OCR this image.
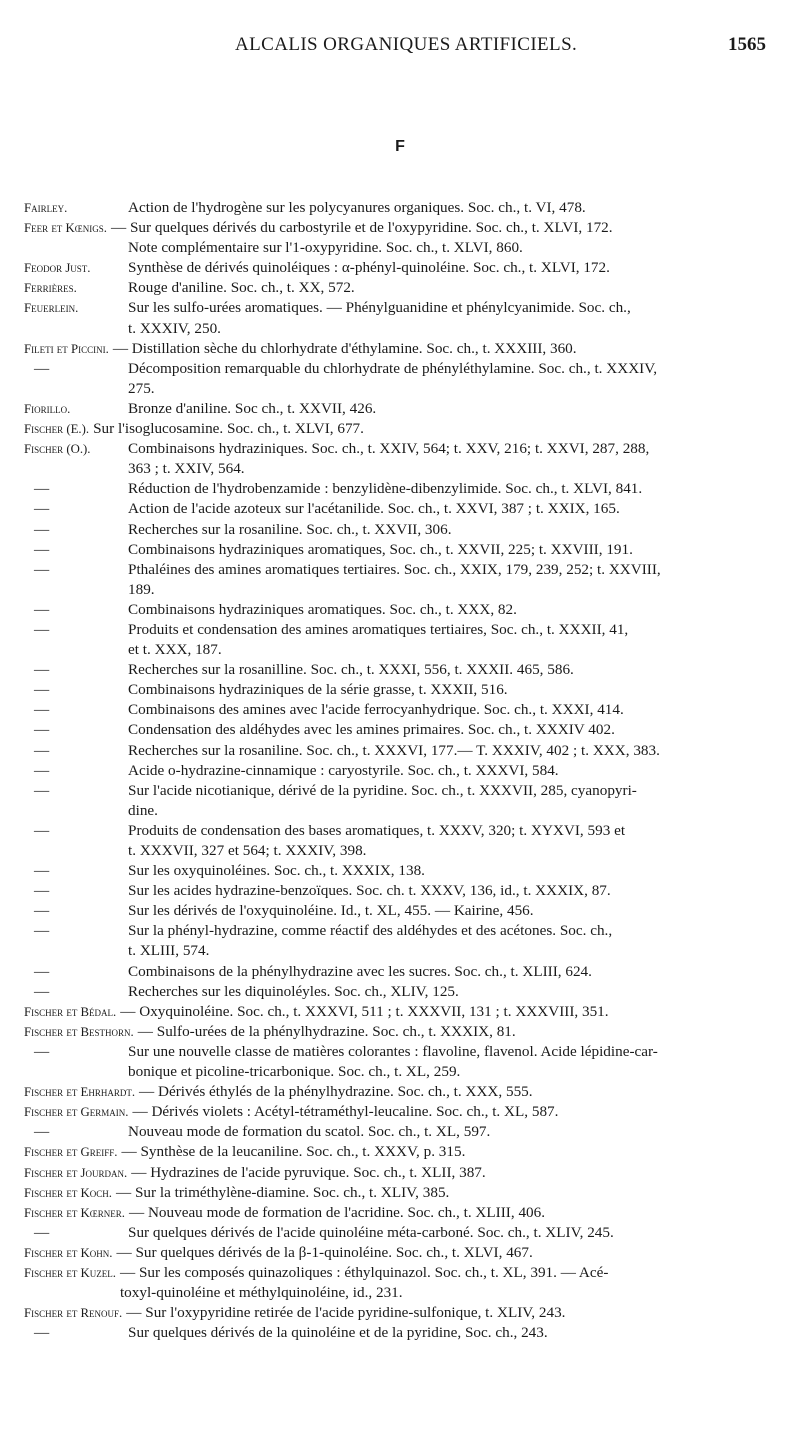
ALCALIS ORGANIQUES ARTIFICIELS.	1565
F
Fairley.	Action de l'hydrogène sur les polycyanures organiques. Soc. ch., t. VI, 478.
Feer et Kœnigs. — Sur quelques dérivés du carbostyrile et de l'oxypyridine. Soc. ch., t. XLVI, 172.
Note complémentaire sur l'1-oxypyridine. Soc. ch., t. XLVI, 860.
Feodor Just.	Synthèse de dérivés quinoléiques : α-phényl-quinoléine. Soc. ch., t. XLVI, 172.
Ferrières.	Rouge d'aniline. Soc. ch., t. XX, 572.
Feuerlein.	Sur les sulfo-urées aromatiques. — Phénylguanidine et phénylcyanimide. Soc. ch.,
t. XXXIV, 250.
Fileti et Piccini. — Distillation sèche du chlorhydrate d'éthylamine. Soc. ch., t. XXXIII, 360.
—	Décomposition remarquable du chlorhydrate de phényléthylamine. Soc. ch., t. XXXIV,
275.
Fiorillo.	Bronze d'aniline. Soc ch., t. XXVII, 426.
Fischer (E.). Sur l'isoglucosamine. Soc. ch., t. XLVI, 677.
Fischer (O.).	Combinaisons hydraziniques. Soc. ch., t. XXIV, 564; t. XXV, 216; t. XXVI, 287, 288,
363 ; t. XXIV, 564.
—	Réduction de l'hydrobenzamide : benzylidène-dibenzylimide. Soc. ch., t. XLVI, 841.
—	Action de l'acide azoteux sur l'acétanilide. Soc. ch., t. XXVI, 387 ; t. XXIX, 165.
—	Recherches sur la rosaniline. Soc. ch., t. XXVII, 306.
—	Combinaisons hydraziniques aromatiques, Soc. ch., t. XXVII, 225; t. XXVIII, 191.
—	Pthaléines des amines aromatiques tertiaires. Soc. ch., XXIX, 179, 239, 252; t. XXVIII,
189.
—	Combinaisons hydraziniques aromatiques. Soc. ch., t. XXX, 82.
—	Produits et condensation des amines aromatiques tertiaires, Soc. ch., t. XXXII, 41,
et t. XXX, 187.
—	Recherches sur la rosanilline. Soc. ch., t. XXXI, 556, t. XXXII. 465, 586.
—	Combinaisons hydraziniques de la série grasse, t. XXXII, 516.
—	Combinaisons des amines avec l'acide ferrocyanhydrique. Soc. ch., t. XXXI, 414.
—	Condensation des aldéhydes avec les amines primaires. Soc. ch., t. XXXIV 402.
—	Recherches sur la rosaniline. Soc. ch., t. XXXVI, 177.— T. XXXIV, 402 ; t. XXX, 383.
—	Acide o-hydrazine-cinnamique : caryostyrile. Soc. ch., t. XXXVI, 584.
—	Sur l'acide nicotianique, dérivé de la pyridine. Soc. ch., t. XXXVII, 285, cyanopyri-
dine.
—	Produits de condensation des bases aromatiques, t. XXXV, 320; t. XYXVI, 593 et
t. XXXVII, 327 et 564; t. XXXIV, 398.
—	Sur les oxyquinoléines. Soc. ch., t. XXXIX, 138.
—	Sur les acides hydrazine-benzoïques. Soc. ch. t. XXXV, 136, id., t. XXXIX, 87.
—	Sur les dérivés de l'oxyquinoléine. Id., t. XL, 455. — Kairine, 456.
—	Sur la phényl-hydrazine, comme réactif des aldéhydes et des acétones. Soc. ch.,
t. XLIII, 574.
—	Combinaisons de la phénylhydrazine avec les sucres. Soc. ch., t. XLIII, 624.
—	Recherches sur les diquinoléyles. Soc. ch., XLIV, 125.
Fischer et Bédal. — Oxyquinoléine. Soc. ch., t. XXXVI, 511 ; t. XXXVII, 131 ; t. XXXVIII, 351.
Fischer et Besthorn. — Sulfo-urées de la phénylhydrazine. Soc. ch., t. XXXIX, 81.
—	Sur une nouvelle classe de matières colorantes : flavoline, flavenol. Acide lépidine-car-
bonique et picoline-tricarbonique. Soc. ch., t. XL, 259.
Fischer et Ehrhardt. — Dérivés éthylés de la phénylhydrazine. Soc. ch., t. XXX, 555.
Fischer et Germain. — Dérivés violets : Acétyl-tétraméthyl-leucaline. Soc. ch., t. XL, 587.
—	Nouveau mode de formation du scatol. Soc. ch., t. XL, 597.
Fischer et Greiff. — Synthèse de la leucaniline. Soc. ch., t. XXXV, p. 315.
Fischer et Jourdan. — Hydrazines de l'acide pyruvique. Soc. ch., t. XLII, 387.
Fischer et Koch. — Sur la triméthylène-diamine. Soc. ch., t. XLIV, 385.
Fischer et Kœrner. — Nouveau mode de formation de l'acridine. Soc. ch., t. XLIII, 406.
—	Sur quelques dérivés de l'acide quinoléine méta-carboné. Soc. ch., t. XLIV, 245.
Fischer et Kohn. — Sur quelques dérivés de la β-1-quinoléine. Soc. ch., t. XLVI, 467.
Fischer et Kuzel. — Sur les composés quinazoliques : éthylquinazol. Soc. ch., t. XL, 391. — Acé-
toxyl-quinoléine et méthylquinoléine, id., 231.
Fischer et Renouf. — Sur l'oxypyridine retirée de l'acide pyridine-sulfonique, t. XLIV, 243.
—	Sur quelques dérivés de la quinoléine et de la pyridine, Soc. ch., 243.
